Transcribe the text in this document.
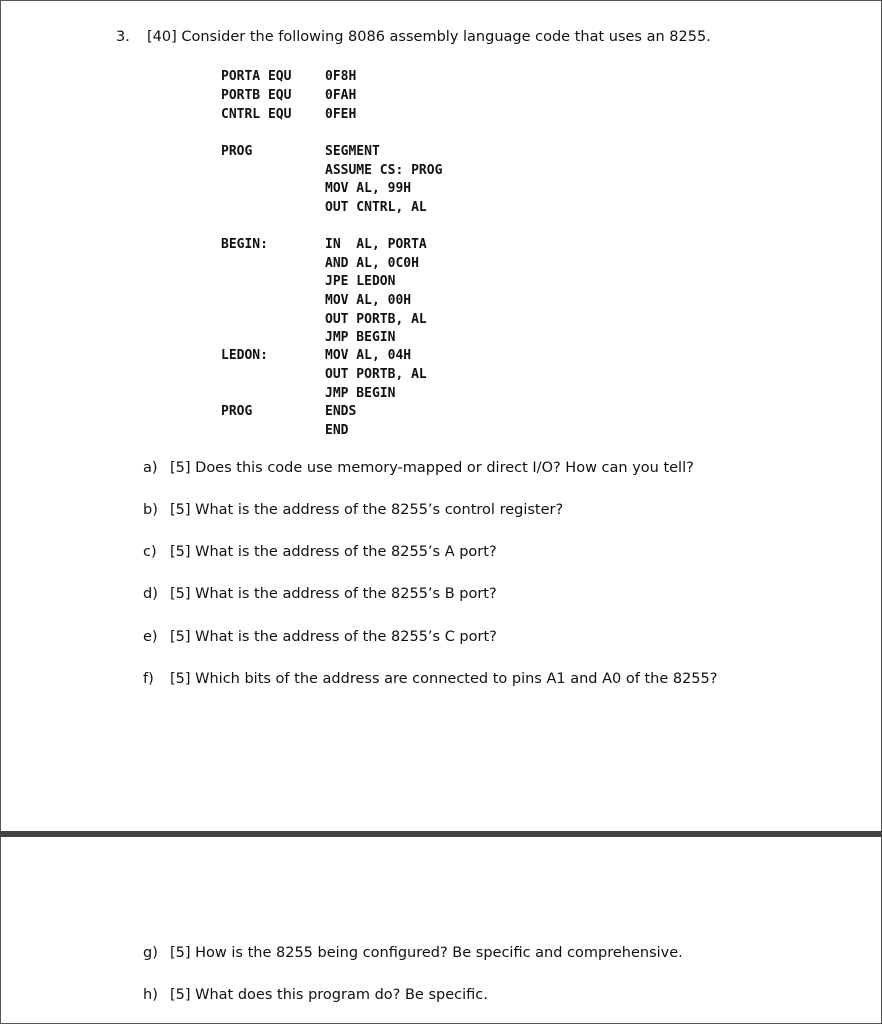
3. [40] Consider the following 8086 assembly language code that uses an 8255.
PORTA EQU	0F8H
PORTB EQU	0FAH
CNTRL EQU	0FEH
PROG	SEGMENT
ASSUME CS: PROG
MOV AL, 99H
OUT CNTRL, AL
BEGIN:	IN  AL, PORTA
AND AL, 0C0H
JPE LEDON
MOV AL, 00H
OUT PORTB, AL
JMP BEGIN
LEDON:	MOV AL, 04H
OUT PORTB, AL
JMP BEGIN
PROG	ENDS
END
a) [5] Does this code use memory-mapped or direct I/O? How can you tell?
b) [5] What is the address of the 8255’s control register?
c) [5] What is the address of the 8255’s A port?
d) [5] What is the address of the 8255’s B port?
e) [5] What is the address of the 8255’s C port?
f) [5] Which bits of the address are connected to pins A1 and A0 of the 8255?
g) [5] How is the 8255 being configured? Be specific and comprehensive.
h) [5] What does this program do? Be specific.
